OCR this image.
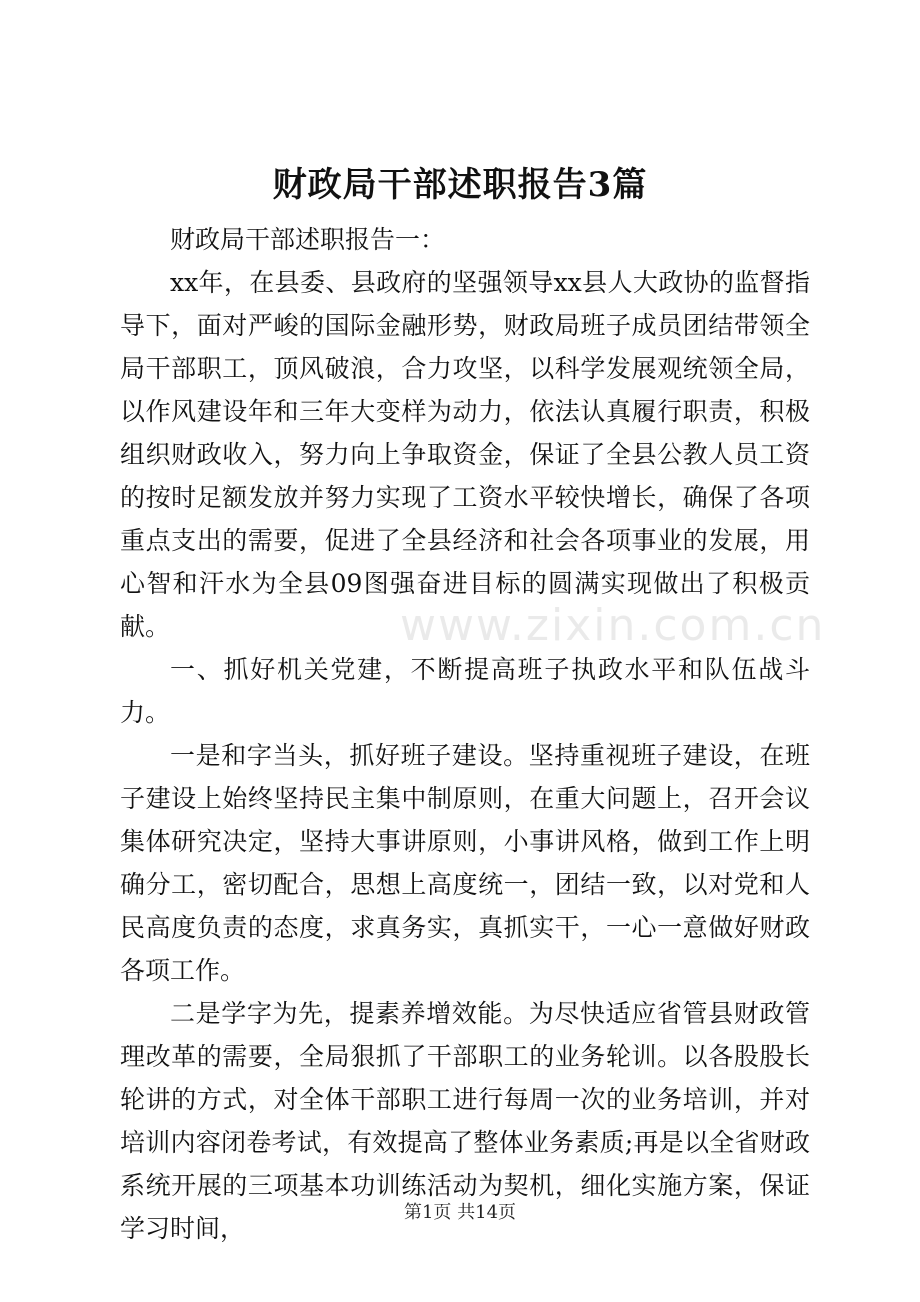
财政局干部述职报告3篇

财政局干部述职报告一：

xx年，在县委、县政府的坚强领导xx县人大政协的监督指导下，面对严峻的国际金融形势，财政局班子成员团结带领全局干部职工，顶风破浪，合力攻坚，以科学发展观统领全局，以作风建设年和三年大变样为动力，依法认真履行职责，积极组织财政收入，努力向上争取资金，保证了全县公教人员工资的按时足额发放并努力实现了工资水平较快增长，确保了各项重点支出的需要，促进了全县经济和社会各项事业的发展，用心智和汗水为全县09图强奋进目标的圆满实现做出了积极贡献。

一、抓好机关党建，不断提高班子执政水平和队伍战斗力。

一是和字当头，抓好班子建设。坚持重视班子建设，在班子建设上始终坚持民主集中制原则，在重大问题上，召开会议集体研究决定，坚持大事讲原则，小事讲风格，做到工作上明确分工，密切配合，思想上高度统一，团结一致，以对党和人民高度负责的态度，求真务实，真抓实干，一心一意做好财政各项工作。

二是学字为先，提素养增效能。为尽快适应省管县财政管理改革的需要，全局狠抓了干部职工的业务轮训。以各股股长轮讲的方式，对全体干部职工进行每周一次的业务培训，并对培训内容闭卷考试，有效提高了整体业务素质;再是以全省财政系统开展的三项基本功训练活动为契机，细化实施方案，保证学习时间，

www.zixin.com.cn
第1页 共14页
